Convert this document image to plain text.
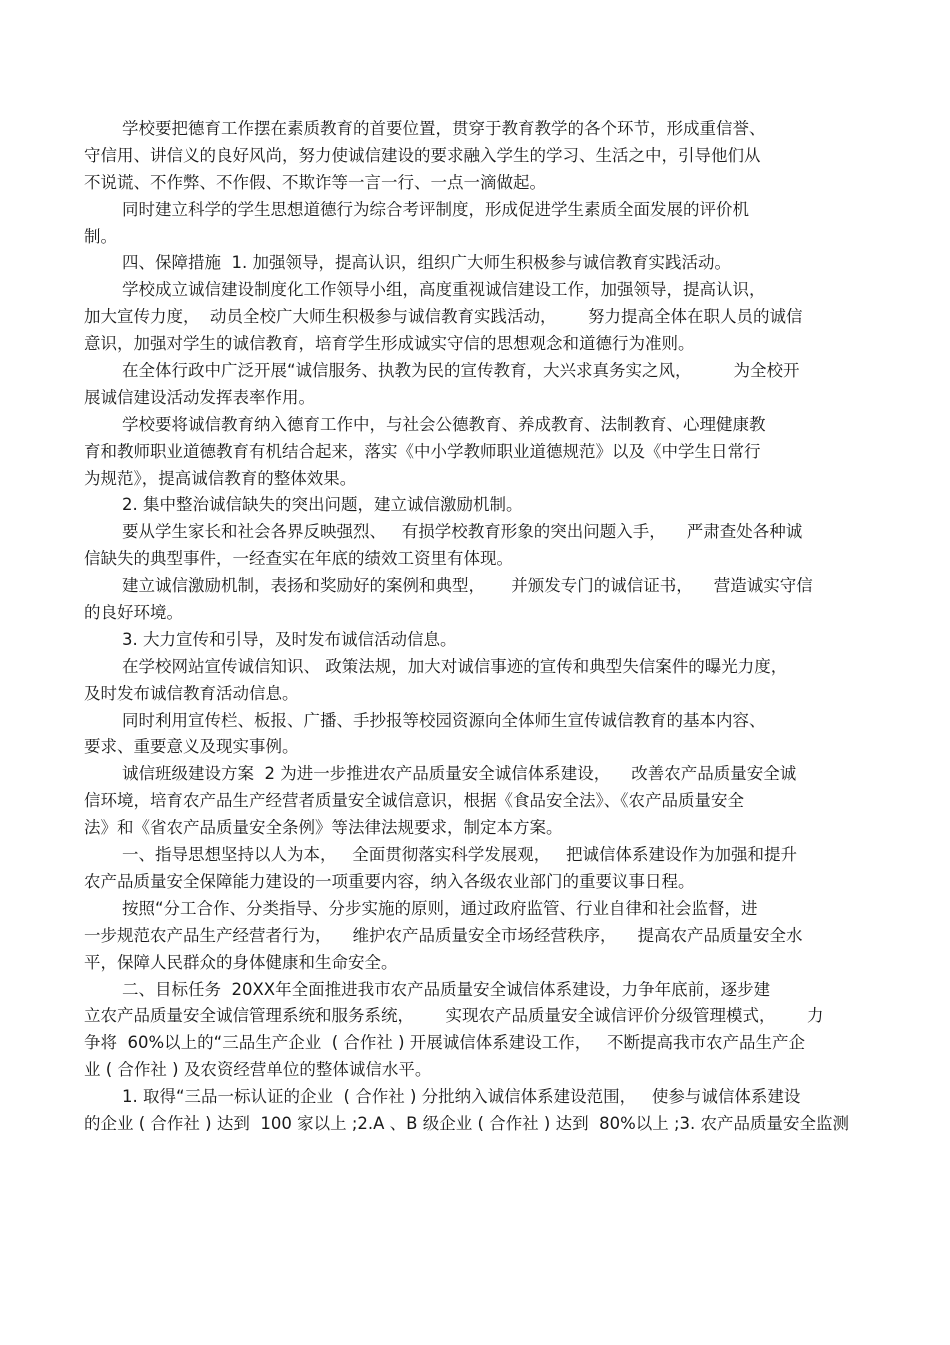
学校要把德育工作摆在素质教育的首要位置，贯穿于教育教学的各个环节，形成重信誉、
守信用、讲信义的良好风尚，努力使诚信建设的要求融入学生的学习、生活之中，引导他们从
不说谎、不作弊、不作假、不欺诈等一言一行、一点一滴做起。
同时建立科学的学生思想道德行为综合考评制度，形成促进学生素质全面发展的评价机
制。
四、保障措施  1. 加强领导，提高认识，组织广大师生积极参与诚信教育实践活动。
学校成立诚信建设制度化工作领导小组，高度重视诚信建设工作，加强领导，提高认识，
加大宣传力度，  动员全校广大师生积极参与诚信教育实践活动，      努力提高全体在职人员的诚信
意识，加强对学生的诚信教育，培育学生形成诚实守信的思想观念和道德行为准则。
在全体行政中广泛开展“诚信服务、执教为民的宣传教育，大兴求真务实之风，        为全校开
展诚信建设活动发挥表率作用。
学校要将诚信教育纳入德育工作中，与社会公德教育、养成教育、法制教育、心理健康教
育和教师职业道德教育有机结合起来，落实《中小学教师职业道德规范》以及《中学生日常行
为规范》，提高诚信教育的整体效果。
2. 集中整治诚信缺失的突出问题，建立诚信激励机制。
要从学生家长和社会各界反映强烈、   有损学校教育形象的突出问题入手，    严肃查处各种诚
信缺失的典型事件，一经查实在年底的绩效工资里有体现。
建立诚信激励机制，表扬和奖励好的案例和典型，     并颁发专门的诚信证书，    营造诚实守信
的良好环境。
3. 大力宣传和引导，及时发布诚信活动信息。
在学校网站宣传诚信知识、 政策法规，加大对诚信事迹的宣传和典型失信案件的曝光力度，
及时发布诚信教育活动信息。
同时利用宣传栏、板报、广播、手抄报等校园资源向全体师生宣传诚信教育的基本内容、
要求、重要意义及现实事例。
诚信班级建设方案  2 为进一步推进农产品质量安全诚信体系建设，    改善农产品质量安全诚
信环境，培育农产品生产经营者质量安全诚信意识，根据《食品安全法》、《农产品质量安全
法》和《省农产品质量安全条例》等法律法规要求，制定本方案。
一、指导思想坚持以人为本，   全面贯彻落实科学发展观，   把诚信体系建设作为加强和提升
农产品质量安全保障能力建设的一项重要内容，纳入各级农业部门的重要议事日程。
按照“分工合作、分类指导、分步实施的原则，通过政府监管、行业自律和社会监督，进
一步规范农产品生产经营者行为，    维护农产品质量安全市场经营秩序，    提高农产品质量安全水
平，保障人民群众的身体健康和生命安全。
二、目标任务  20XX年全面推进我市农产品质量安全诚信体系建设，力争年底前，逐步建
立农产品质量安全诚信管理系统和服务系统，      实现农产品质量安全诚信评价分级管理模式，      力
争将  60%以上的“三品生产企业  ( 合作社 ) 开展诚信体系建设工作，   不断提高我市农产品生产企
业 ( 合作社 ) 及农资经营单位的整体诚信水平。
1. 取得“三品一标认证的企业  ( 合作社 ) 分批纳入诚信体系建设范围，   使参与诚信体系建设
的企业 ( 合作社 ) 达到  100 家以上 ;2.A 、B 级企业 ( 合作社 ) 达到  80%以上 ;3. 农产品质量安全监测
